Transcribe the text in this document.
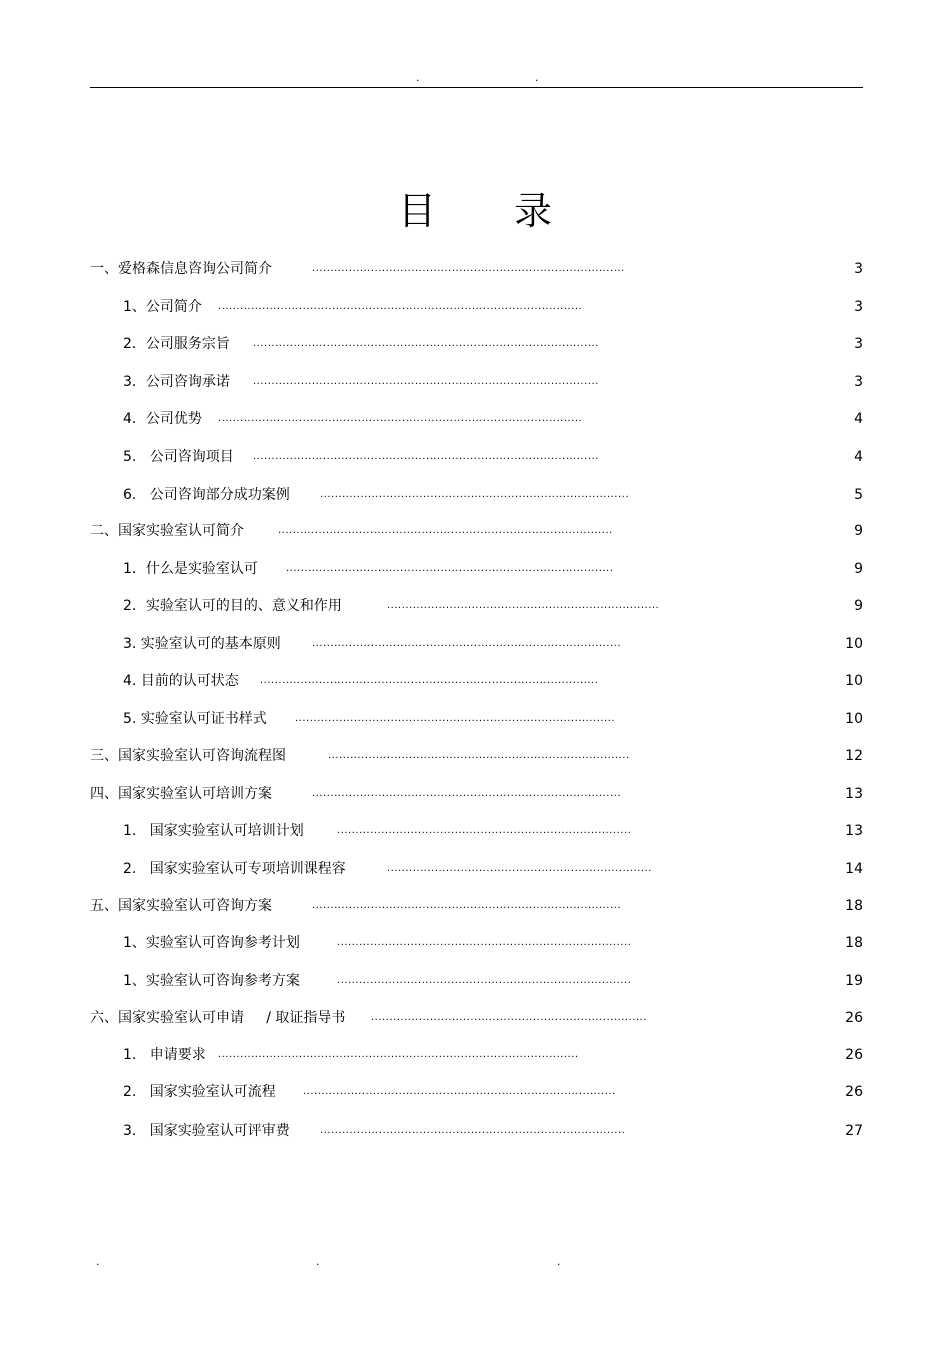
.	.
目 录
一、爱格森信息咨询公司简介	.....................................................................................	3
1、公司简介 ...................................................................................................	3
2．公司服务宗旨 ..............................................................................................	3
3．公司咨询承诺 ..............................................................................................	3
4．公司优势 ...................................................................................................	4
5.   公司咨询项目 ..............................................................................................	4
6.   公司咨询部分成功案例	....................................................................................	5
二、国家实验室认可简介	...........................................................................................	9
1．什么是实验室认可	.........................................................................................	9
2．实验室认可的目的、意义和作用	..........................................................................	9
3. 实验室认可的基本原则	....................................................................................	10
4. 目前的认可状态 ............................................................................................	10
5. 实验室认可证书样式	.......................................................................................	10
三、国家实验室认可咨询流程图	..................................................................................	12
四、国家实验室认可培训方案	....................................................................................	13
1.   国家实验室认可培训计划	................................................................................	13
2.   国家实验室认可专项培训课程容	........................................................................	14
五、国家实验室认可咨询方案	....................................................................................	18
1、实验室认可咨询参考计划	................................................................................	18
1、实验室认可咨询参考方案	................................................................................	19
六、国家实验室认可申请     / 取证指导书	...........................................................................	26
1.   申请要求 ..................................................................................................	26
2.   国家实验室认可流程	.....................................................................................	26
3.   国家实验室认可评审费	...................................................................................	27
.	.	.
